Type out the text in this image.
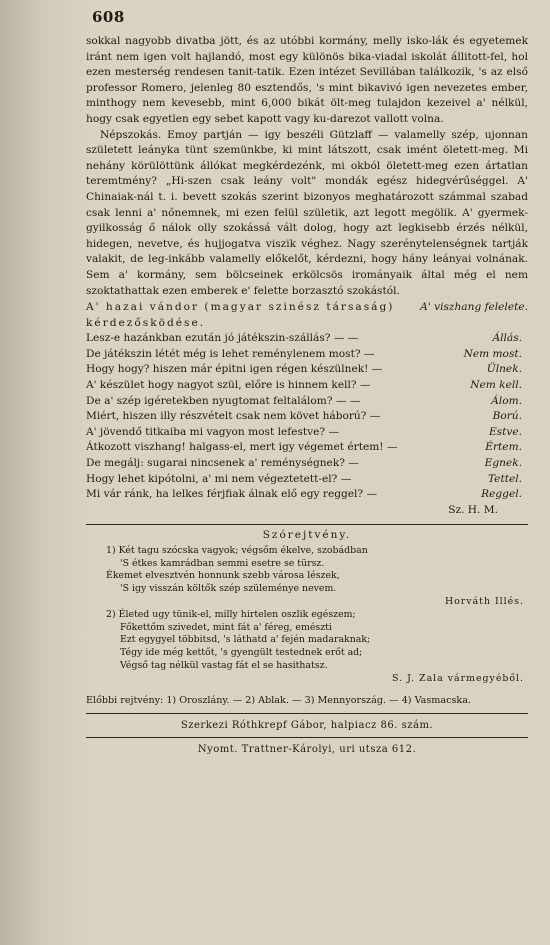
608

sokkal nagyobb divatba jött, és az utóbbi kormány, melly isko-lák és egyetemek iránt nem igen volt hajlandó, most egy különös bika-viadal iskolát állitott-fel, hol ezen mesterség rendesen tanit-tatik. Ezen intézet Sevillában találkozik, 's az első professor Romero, jelenleg 80 esztendős, 's mint bikavivó igen nevezetes ember, minthogy nem kevesebb, mint 6,000 bikát ölt-meg tulajdon kezeivel a' nélkül, hogy csak egyetlen egy sebet kapott vagy ku-darezot vallott volna.

Népszokás. Emoy partján — igy beszéli Gützlaff — valamelly szép, ujonnan született leányka tünt szemünkbe, ki mint látszott, csak imént öletett-meg. Mi nehány körülöttünk állókat megkérdezénk, mi okból öletett-meg ezen ártatlan teremtmény? „Hi-szen csak leány volt" mondák egész hidegvérűséggel. A' Chinaiak-nál t. i. bevett szokás szerint bizonyos meghatározott számmal szabad csak lenni a' nőnemnek, mi ezen felül születik, azt legott megölik. A' gyermek-gyilkosság ő nálok olly szokássá vált dolog, hogy azt legkisebb érzés nélkül, hidegen, nevetve, és hujjogatva viszik véghez. Nagy szerénytelenségnek tartják valakit, de leg-inkább valamelly előkelőt, kérdezni, hogy hány leányai volnának. Sem a' kormány, sem bölcseinek erkölcsös irományaik által még el nem szoktathattak ezen emberek e' felette borzasztó szokástól.

A' viszhang felelete.
A' hazai vándor (magyar szinész társaság) kérdezősködése.
Lesz-e hazánkban ezután jó játékszin-szállás? — —	Állás.
De játékszin létét még is lehet reménylenem most? —	Nem most.
Hogy hogy? hiszen már épitni igen régen készülnek! —	Ülnek.
A' készület hogy nagyot szül, előre is hinnem kell? —	Nem kell.
De a' szép igéretekben nyugtomat feltalálom? — —	Álom.
Miért, hiszen illy részvételt csak nem követ háború? —	Ború.
A' jövendő titkaiba mi vagyon most lefestve? —	Estve.
Átkozott viszhang! halgass-el, mert igy végemet értem! —	Értem.
De megálj: sugarai nincsenek a' reménységnek? —	Egnek.
Hogy lehet kipótolni, a' mi nem végeztetett-el? —	Tettel.
Mi vár ránk, ha lelkes férjfiak álnak elő egy reggel? —	Reggel.
Sz. H. M.
Szórejtvény.
1) Két tagu szócska vagyok; végsőm ékelve, szobádban
'S étkes kamrádban semmi esetre se türsz.
Ékemet elvesztvén honnunk szebb városa lészek,
'S igy visszán költők szép szüleménye nevem.
Horváth Illés.
2) Életed ugy tünik-el, milly hirtelen oszlik egészem;
Főkettőm szivedet, mint fát a' féreg, emészti
Ezt egygyel többitsd, 's láthatd a' fején madaraknak;
Tégy ide még kettőt, 's gyengült testednek erőt ad;
Végső tag nélkül vastag fát el se hasithatsz.
S. J. Zala vármegyéből.

Előbbi rejtvény: 1) Oroszlány. — 2) Ablak. — 3) Mennyország. — 4) Vasmacska.

Szerkezi Róthkrepf Gábor, halpiacz 86. szám.
Nyomt. Trattner-Károlyi, uri utsza 612.
